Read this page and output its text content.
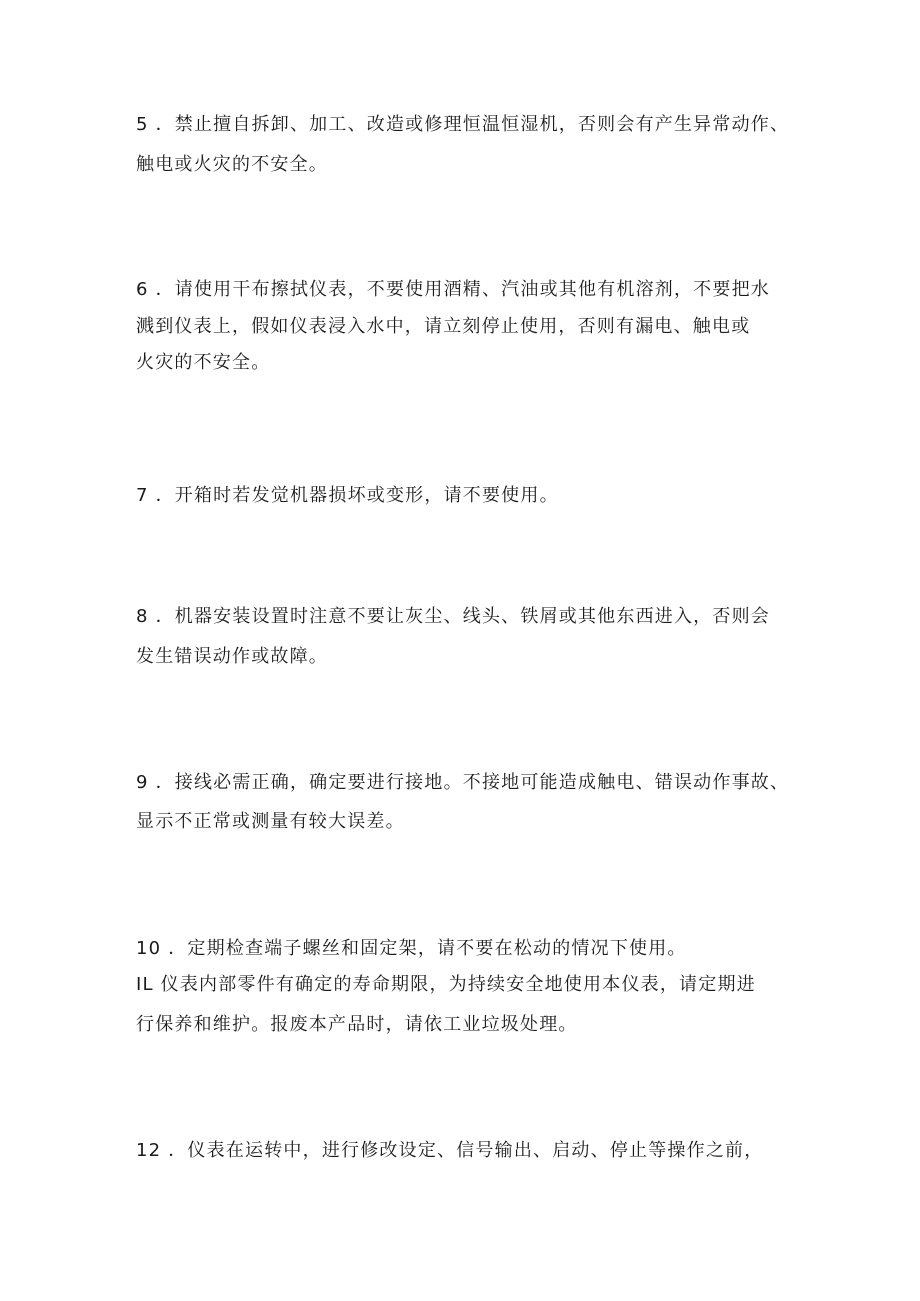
5 ．禁止擅自拆卸、加工、改造或修理恒温恒湿机，否则会有产生异常动作、
触电或火灾的不安全。
6 ．请使用干布擦拭仪表，不要使用酒精、汽油或其他有机溶剂，不要把水
溅到仪表上，假如仪表浸入水中，请立刻停止使用，否则有漏电、触电或
火灾的不安全。
7 ．开箱时若发觉机器损坏或变形，请不要使用。
8 ．机器安装设置时注意不要让灰尘、线头、铁屑或其他东西进入，否则会
发生错误动作或故障。
9 ．接线必需正确，确定要进行接地。不接地可能造成触电、错误动作事故、
显示不正常或测量有较大误差。
10 ．定期检查端子螺丝和固定架，请不要在松动的情况下使用。
IL 仪表内部零件有确定的寿命期限，为持续安全地使用本仪表，请定期进
行保养和维护。报废本产品时，请依工业垃圾处理。
12 ．仪表在运转中，进行修改设定、信号输出、启动、停止等操作之前，
